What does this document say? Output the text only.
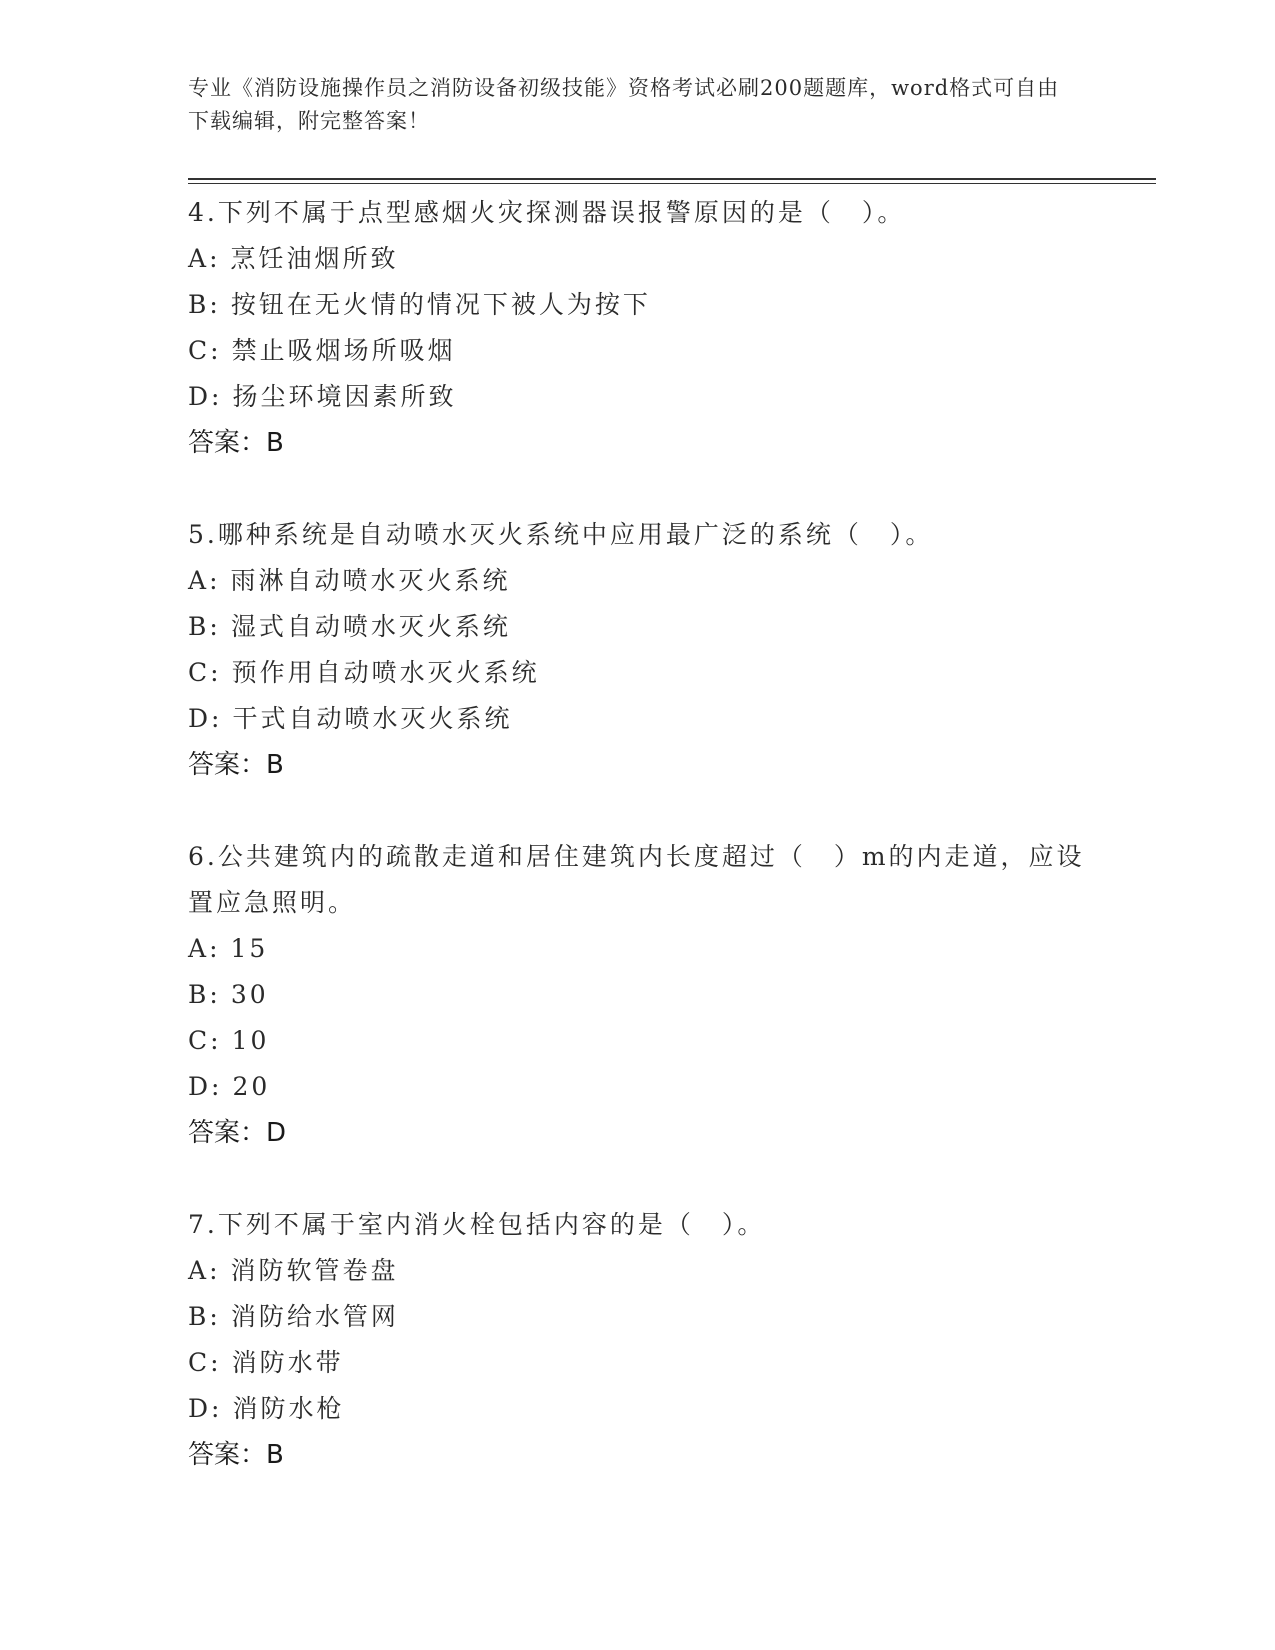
专业《消防设施操作员之消防设备初级技能》资格考试必刷200题题库，word格式可自由下载编辑，附完整答案！

4.下列不属于点型感烟火灾探测器误报警原因的是（　）。

A: 烹饪油烟所致

B: 按钮在无火情的情况下被人为按下

C: 禁止吸烟场所吸烟

D: 扬尘环境因素所致

答案：B

5.哪种系统是自动喷水灭火系统中应用最广泛的系统（　）。

A: 雨淋自动喷水灭火系统

B: 湿式自动喷水灭火系统

C: 预作用自动喷水灭火系统

D: 干式自动喷水灭火系统

答案：B

6.公共建筑内的疏散走道和居住建筑内长度超过（　）m的内走道，应设置应急照明。

A: 15

B: 30

C: 10

D: 20

答案：D

7.下列不属于室内消火栓包括内容的是（　）。

A: 消防软管卷盘

B: 消防给水管网

C: 消防水带

D: 消防水枪

答案：B
